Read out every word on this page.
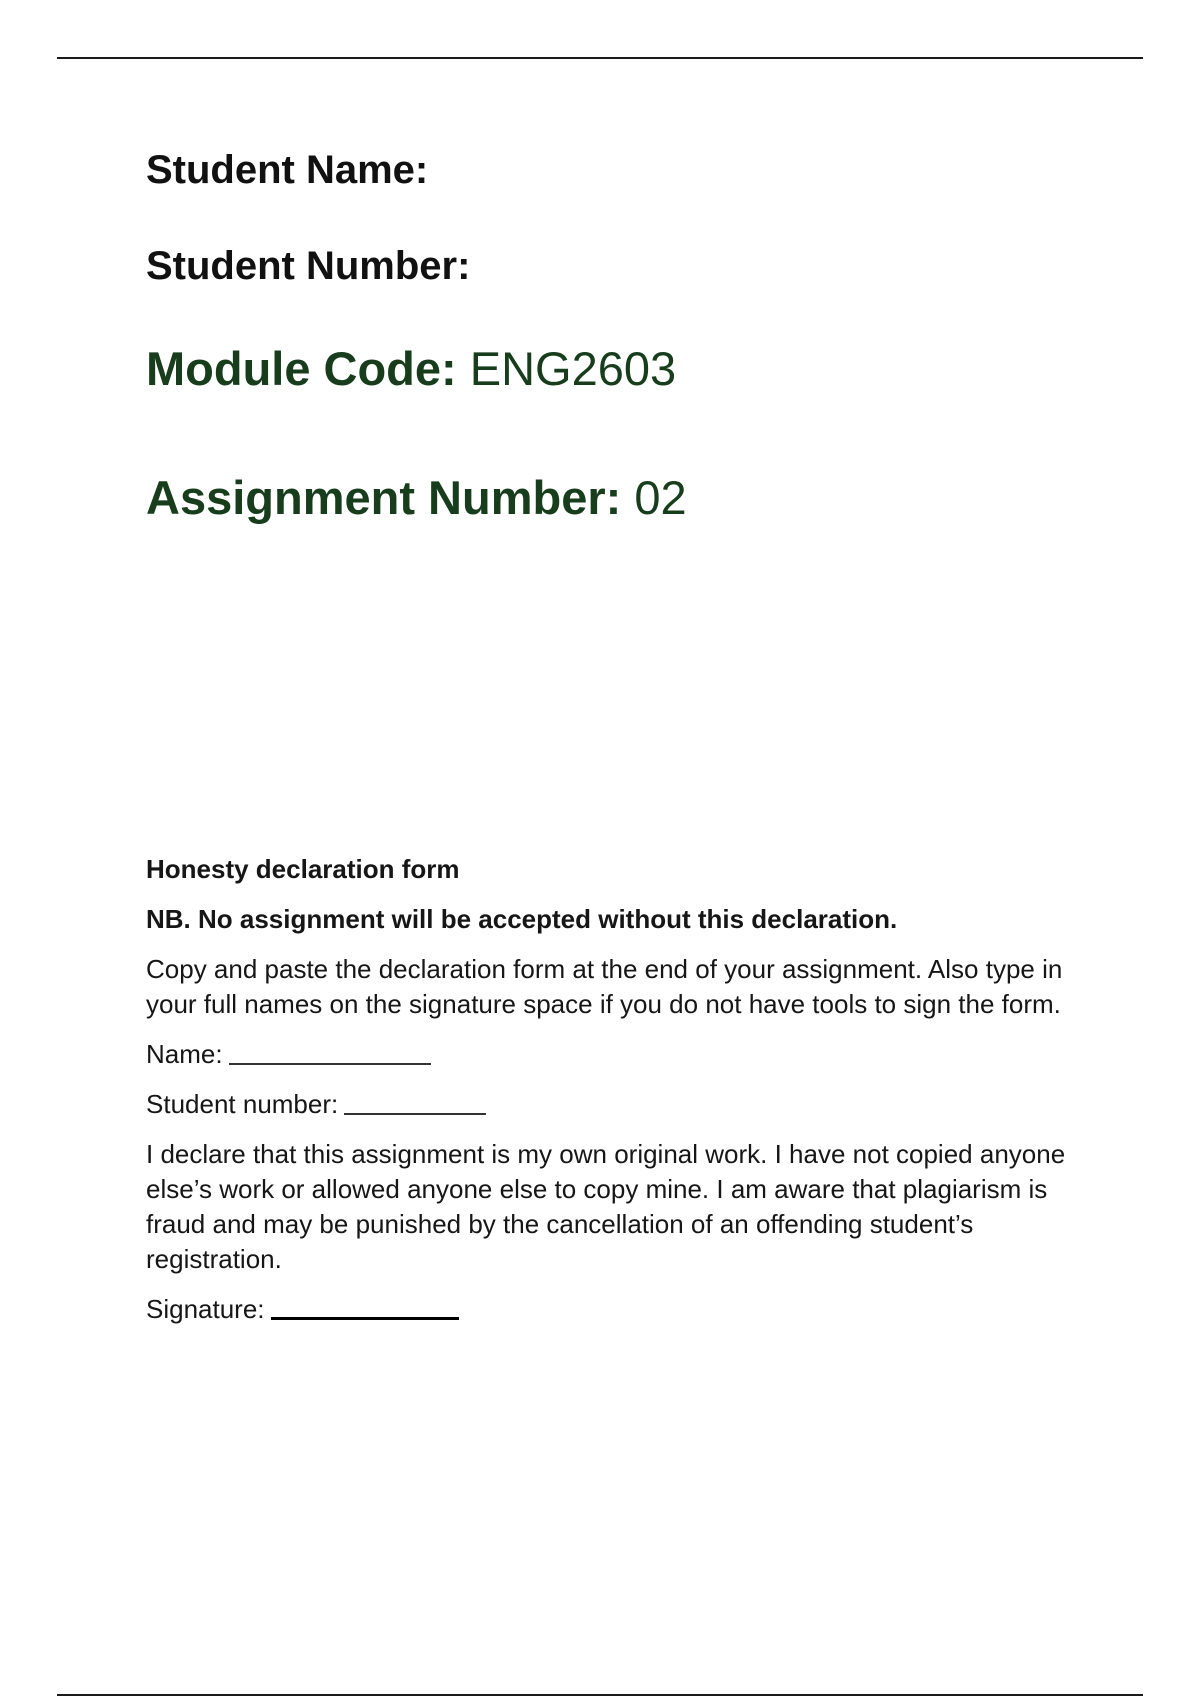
Student Name:
Student Number:
Module Code: ENG2603
Assignment Number: 02

Honesty declaration form

NB. No assignment will be accepted without this declaration.

Copy and paste the declaration form at the end of your assignment. Also type in your full names on the signature space if you do not have tools to sign the form.

Name:

Student number:

I declare that this assignment is my own original work. I have not copied anyone else’s work or allowed anyone else to copy mine. I am aware that plagiarism is fraud and may be punished by the cancellation of an offending student’s registration.

Signature:
